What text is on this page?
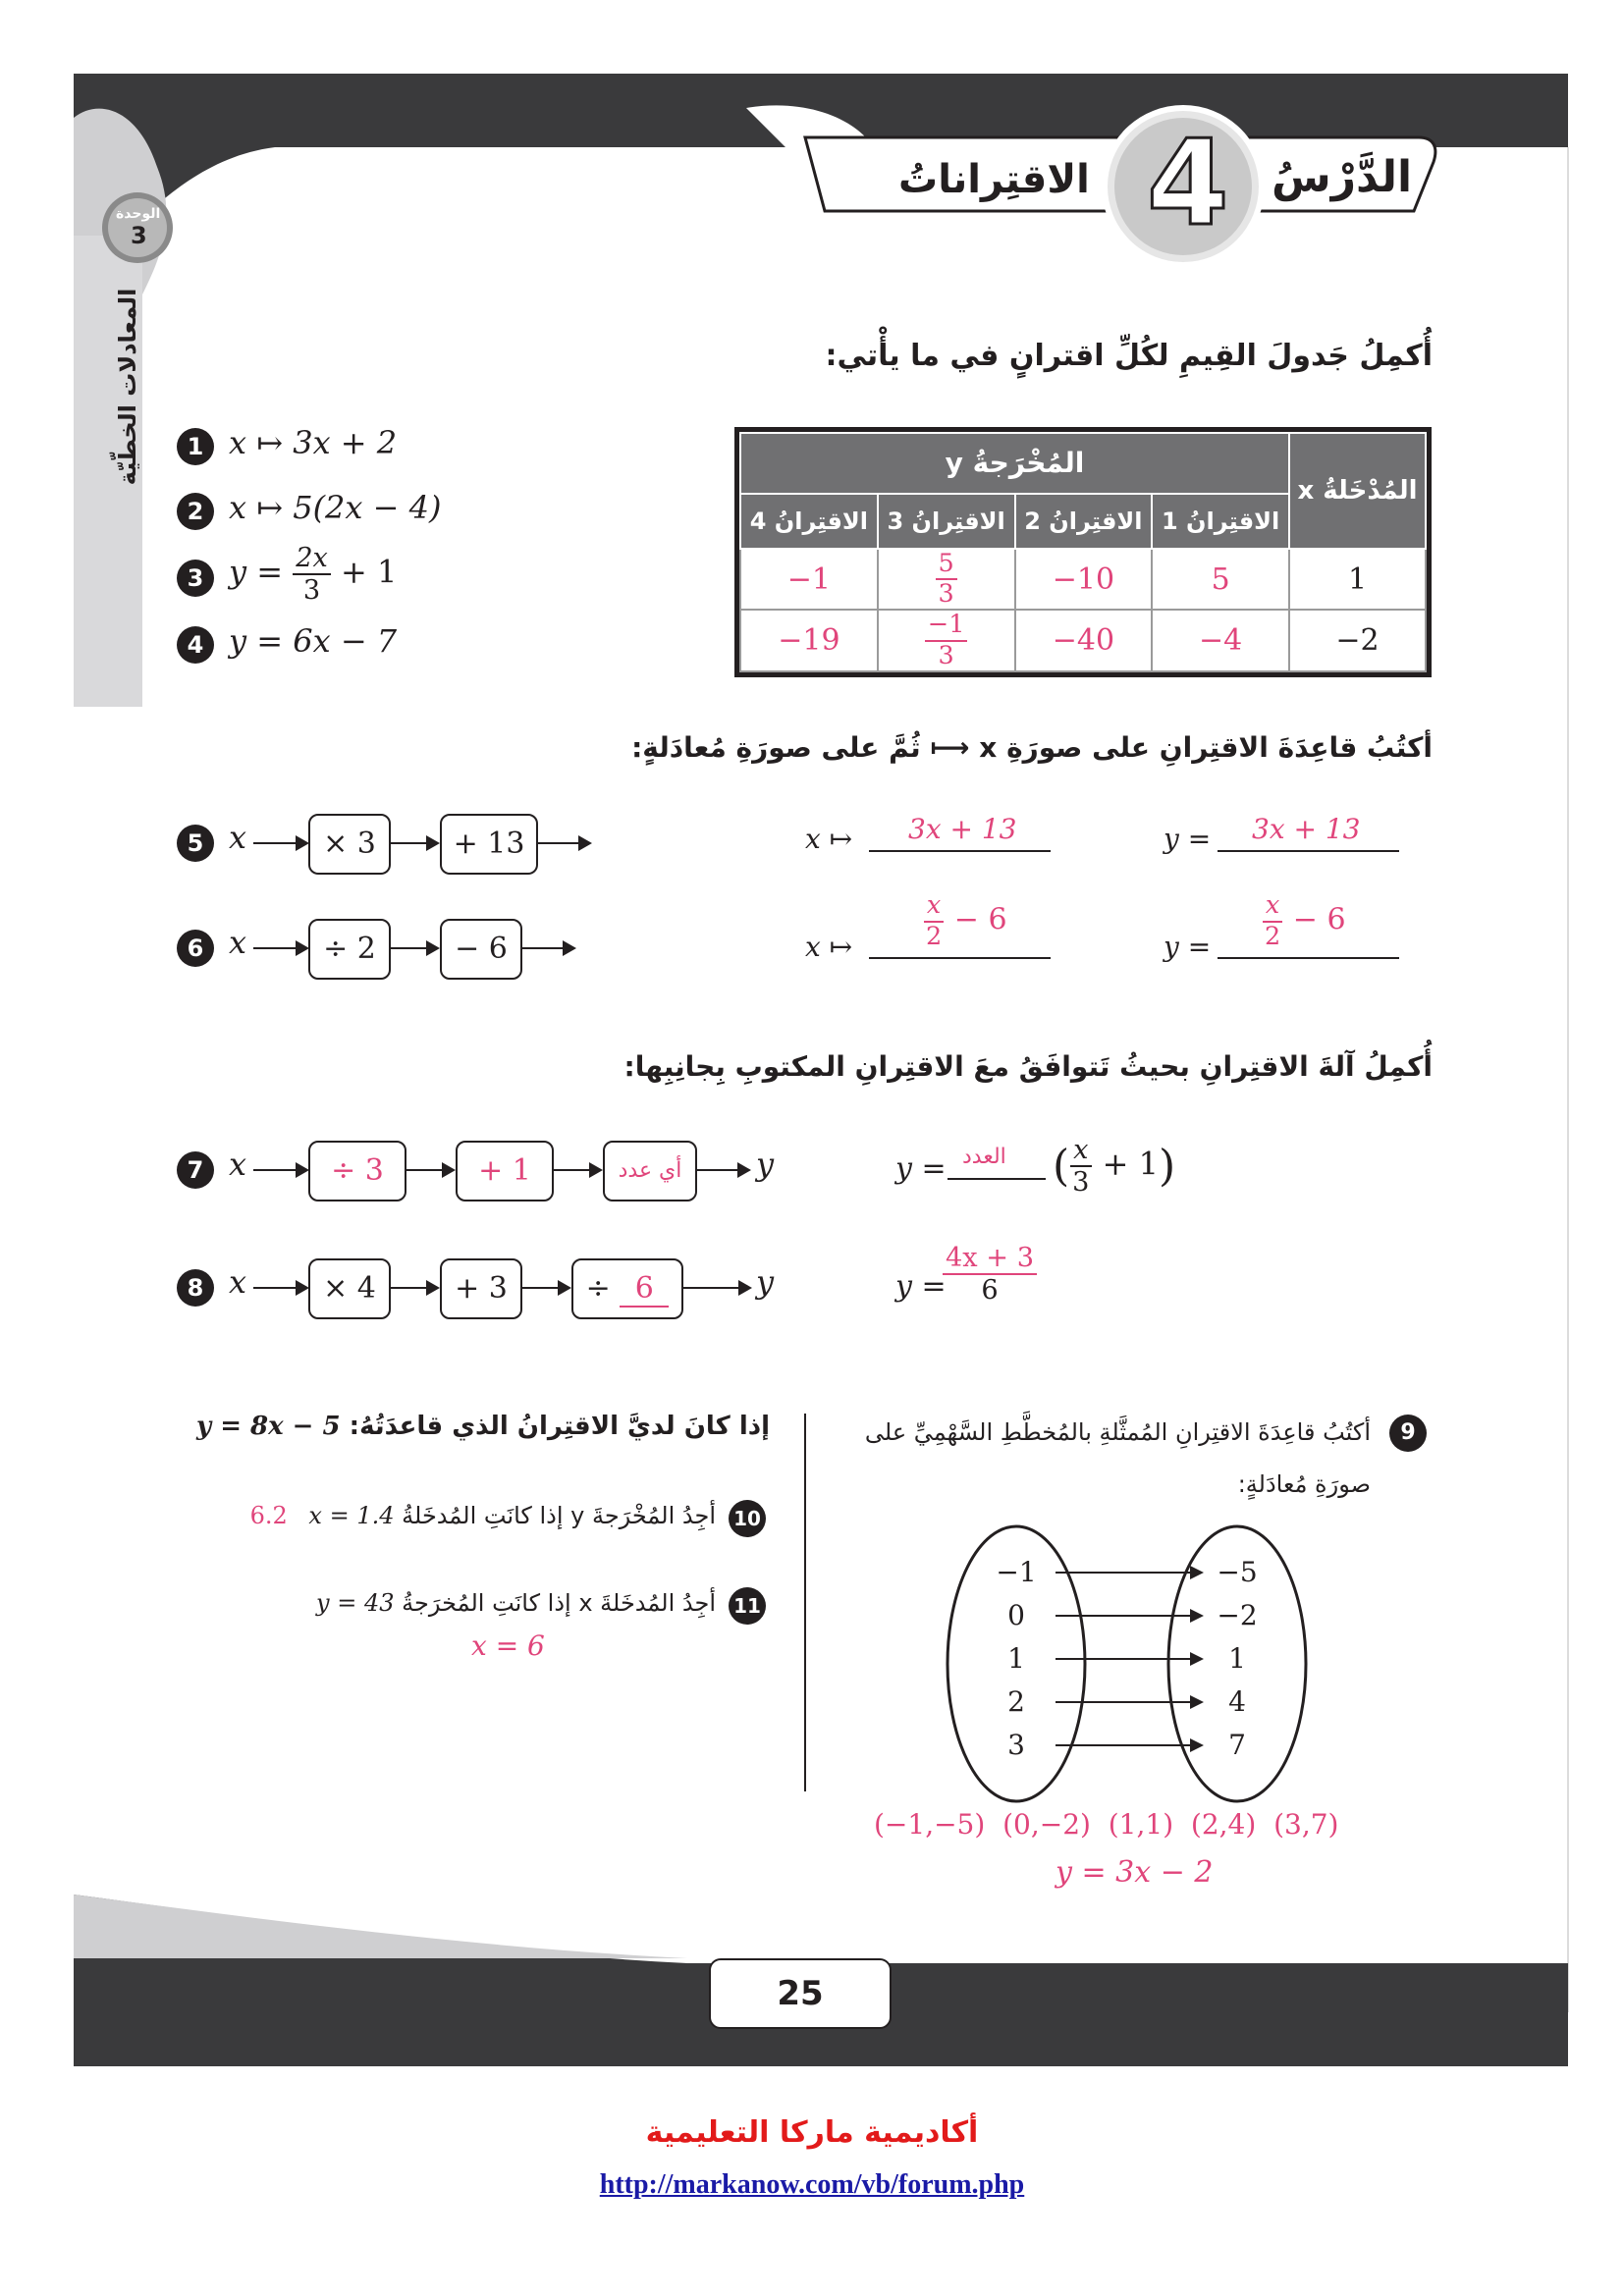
الدَّرْسُ
4
الاقتِراناتُ
الوحدة
3
المعادلات الخطّيّة	أُكمِلُ جَدولَ القِيمِ لكُلِّ اقترانٍ في ما يأْتي:
1 x ↦ 3x + 2
2 x ↦ 5(2x − 4)
3 $y = \frac{2x}{3} + 1$
4 y = 6x − 7
المُخْرَجةُ y				المُدْخَلةُ x
الاقتِرانُ 4	الاقتِرانُ 3	الاقتِرانُ 2	الاقتِرانُ 1	
−1	$\frac{5}{3}$	−10	5	1
−19	$\frac{-1}{3}$	−40	−4	−2
أكتُبُ قاعِدَةَ الاقتِرانِ على صورَةِ x ⟼ ثُمَّ على صورَةِ مُعادَلةٍ:
5 x	× 3	+ 13	x ↦ 3x + 13	y = 3x + 13
6 x	÷ 2	− 6	x ↦	$\frac{x}{2} - 6$
$y = \frac{x}{2} - 6$
أُكمِلُ آلةَ الاقتِرانِ بحيثُ تَتوافَقُ معَ الاقتِرانِ المكتوبِ بِجانِبِها:
7 x	÷ 3	+ 1	أي عدد	y	y = العدد ( $\frac{x}{3} + 1$)
8 x	× 4	+ 3	÷ 6	y	y =
$\frac{4x + 3}{6}$
إذا كانَ لديَّ الاقتِرانُ الذي قاعدَتُهُ: y = 8x − 5
10
أجِدُ المُخْرَجةَ y إذا كانَتِ المُدخَلةُ x = 1.4 6.2
11
أجِدُ المُدخَلةَ x إذا كانَتِ المُخرَجةُ y = 43
x = 6
9
أكتُبُ قاعِدَةَ الاقتِرانِ المُمثَّلةِ بالمُخطَّطِ السَّهْمِيِّ على
صورَةِ مُعادَلةٍ:
−1
0
1
2
3
−5
−2
1
4
7
(−1,−5)  (0,−2)  (1,1)  (2,4)  (3,7)
y = 3x − 2
25
أكاديمية ماركا التعليمية
http://markanow.com/vb/forum.php
